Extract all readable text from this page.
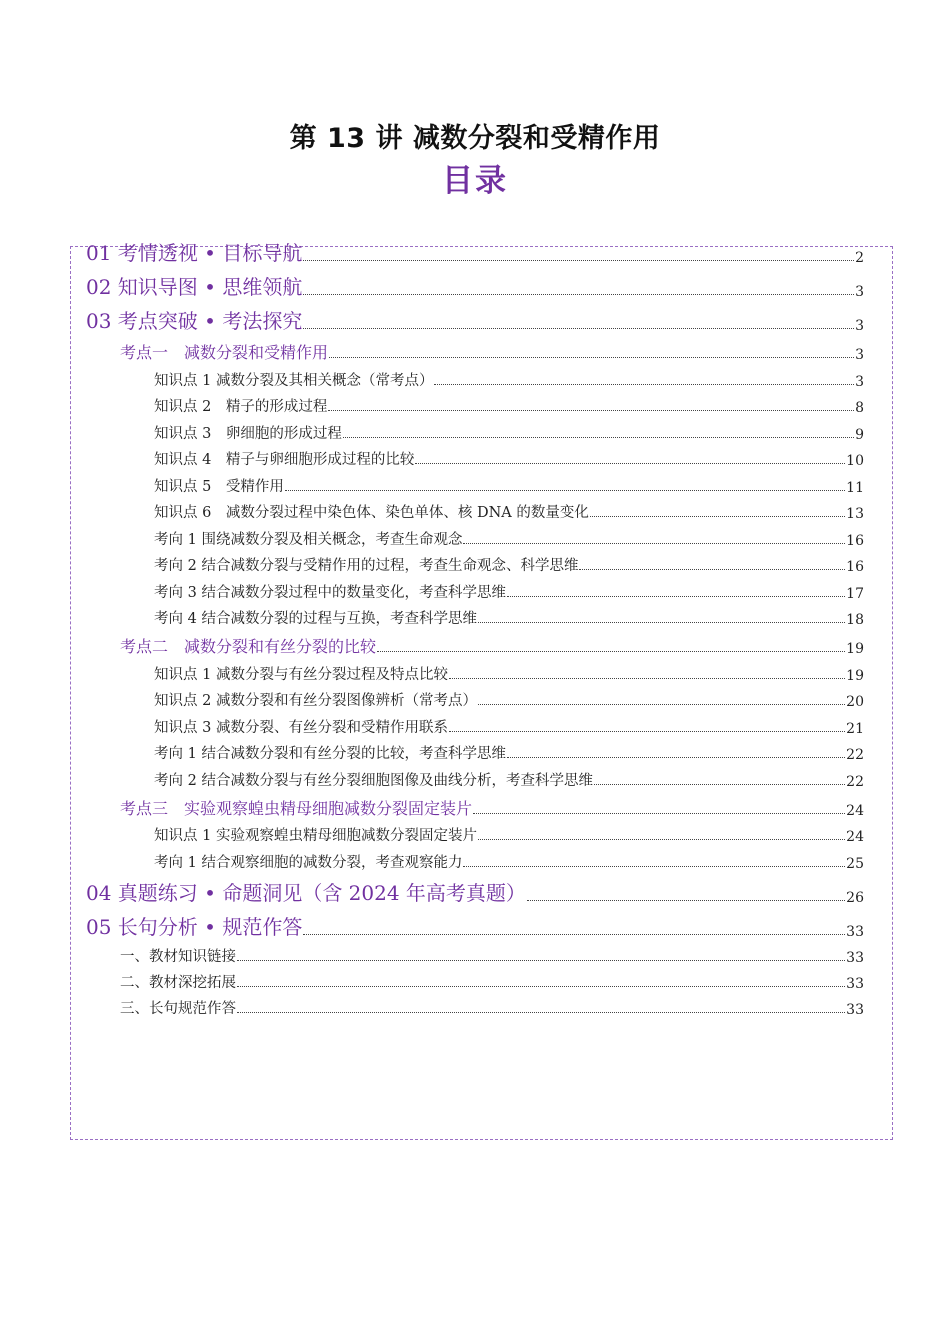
第 13 讲 减数分裂和受精作用
目录
01 考情透视 • 目标导航	2
02 知识导图 • 思维领航	3
03 考点突破 • 考法探究	3
考点一　减数分裂和受精作用	3
知识点 1 减数分裂及其相关概念（常考点）	3
知识点 2　精子的形成过程	8
知识点 3　卵细胞的形成过程	9
知识点 4　精子与卵细胞形成过程的比较	10
知识点 5　受精作用	11
知识点 6　减数分裂过程中染色体、染色单体、核 DNA 的数量变化	13
考向 1 围绕减数分裂及相关概念，考查生命观念	16
考向 2 结合减数分裂与受精作用的过程，考查生命观念、科学思维	16
考向 3 结合减数分裂过程中的数量变化，考查科学思维	17
考向 4 结合减数分裂的过程与互换，考查科学思维	18
考点二　减数分裂和有丝分裂的比较	19
知识点 1 减数分裂与有丝分裂过程及特点比较	19
知识点 2 减数分裂和有丝分裂图像辨析（常考点）	20
知识点 3 减数分裂、有丝分裂和受精作用联系	21
考向 1 结合减数分裂和有丝分裂的比较，考查科学思维	22
考向 2 结合减数分裂与有丝分裂细胞图像及曲线分析，考查科学思维	22
考点三　实验观察蝗虫精母细胞减数分裂固定装片	24
知识点 1 实验观察蝗虫精母细胞减数分裂固定装片	24
考向 1 结合观察细胞的减数分裂，考查观察能力	25
04 真题练习 • 命题洞见（含 2024 年高考真题）	26
05 长句分析 • 规范作答	33
一、教材知识链接	33
二、教材深挖拓展	33
三、长句规范作答	33
